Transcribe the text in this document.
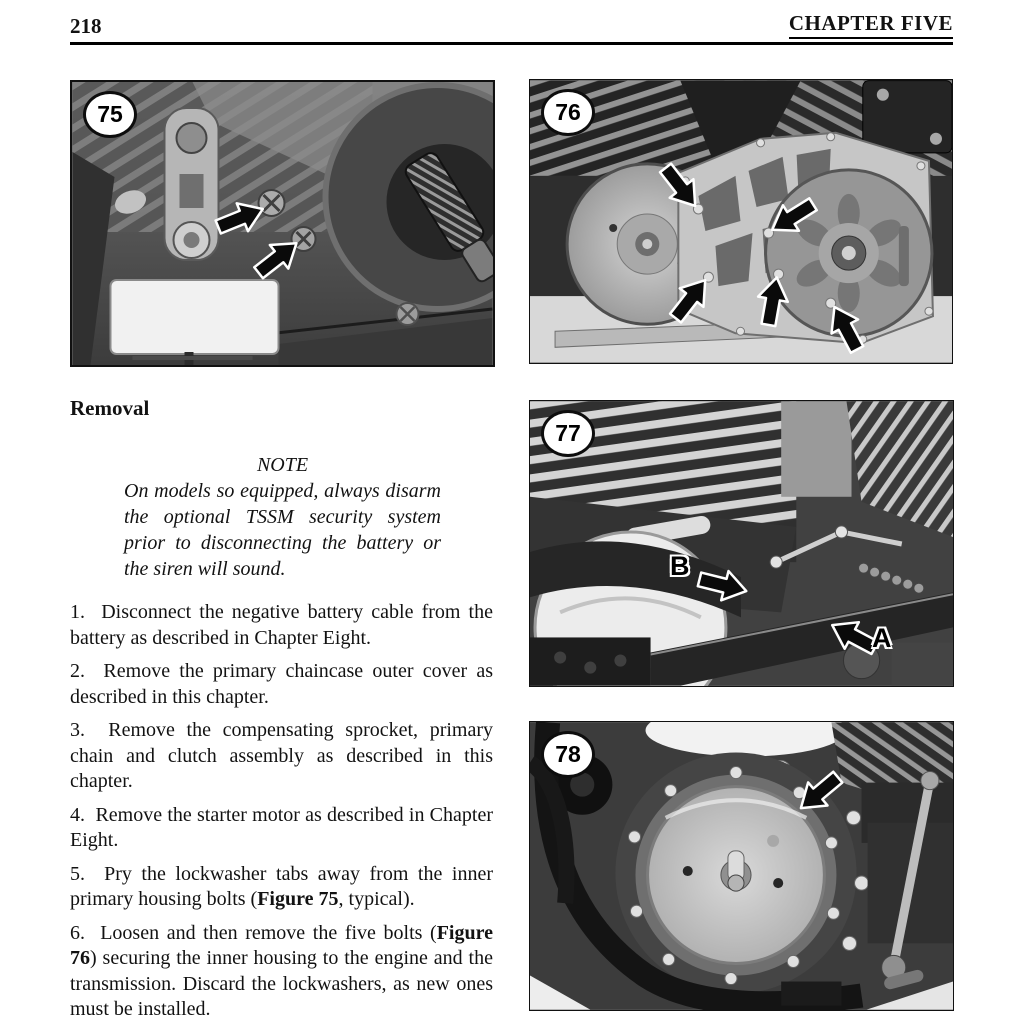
218	CHAPTER FIVE
75	76
77
B
A
78
Removal
NOTE
On models so equipped, always disarm the optional TSSM security system prior to disconnecting the battery or the siren will sound.

1.  Disconnect the negative battery cable from the battery as described in Chapter Eight.

2.  Remove the primary chaincase outer cover as described in this chapter.

3.  Remove the compensating sprocket, primary chain and clutch assembly as described in this chapter.

4.  Remove the starter motor as described in Chapter Eight.

5.  Pry the lockwasher tabs away from the inner primary housing bolts (Figure 75, typical).

6.  Loosen and then remove the five bolts (Figure 76) securing the inner housing to the engine and the transmission. Discard the lockwashers, as new ones must be installed.
